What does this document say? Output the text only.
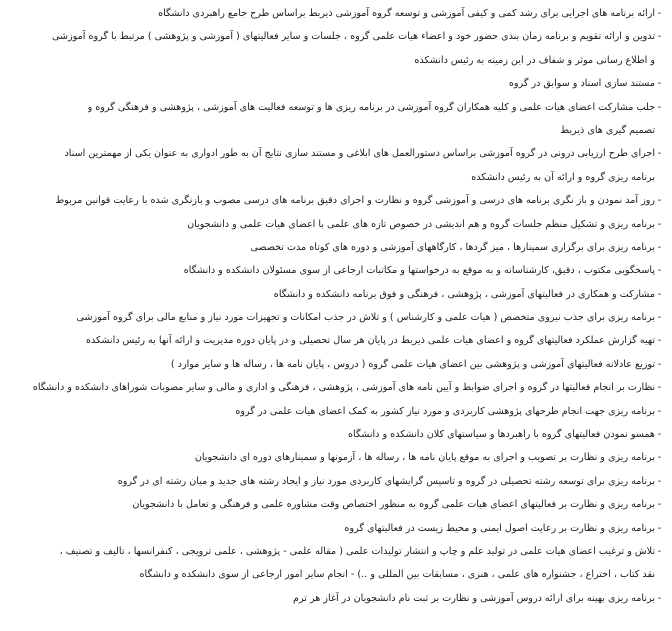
-
ارائه برنامه های اجرایی برای رشد کمی و کیفی آموزشی و توسعه گروه آموزشی ذیربط براساس طرح جامع راهبردی دانشگاه
-
تدوین و ارائه تقویم و برنامه زمان بندی حضور خود و اعضاء هیات علمی گروه ، جلسات و سایر فعالیتهای ( آموزشی و پژوهشی ) مرتبط با گروه آموزشی
و اطلاع رسانی موثر و شفاف در این زمینه به رئیس دانشکده
-
مستند سازی اسناد و سوابق در گروه
-
جلب مشارکت اعضای هیات علمی و کلیه همکاران گروه آموزشی در برنامه ریزی ها و توسعه فعالیت های آموزشی ، پژوهشی و فرهنگی گروه و
تصمیم گیری های ذیربط
-
اجرای طرح ارزیابی درونی در گروه آموزشی براساس دستورالعمل های ابلاغی و مستند سازی نتایج آن به طور ادواری به عنوان یکی از مهمترین اسناد
برنامه ریزی گروه و ارائه آن به رئیس دانشکده
-
روز آمد نمودن و باز نگری برنامه های درسی و آموزشی گروه و نظارت و اجرای دقیق برنامه های درسی مصوب و بازنگری شده با رعایت قوانین مربوط
-
برنامه ریزی و تشکیل منظم جلسات گروه و هم اندیشی در خصوص تازه های علمی با اعضای هیات علمی و دانشجویان
-
برنامه ریزی برای برگزاری سمینارها ، میز گردها ، کارگاههای آموزشی و دوره های کوتاه مدت تخصصی
-
پاسخگویی مکتوب ، دقیق، کارشناسانه و به موقع به درخواستها و مکاتبات ارجاعی از سوی مسئولان دانشکده و دانشگاه
-
مشارکت و همکاری در فعالیتهای آموزشی ، پژوهشی ، فرهنگی و فوق برنامه دانشکده و دانشگاه
-
برنامه ریزی برای جذب نیروی متخصص ( هیات علمی و کارشناس ) و تلاش در جذب امکانات و تجهیزات مورد نیاز و منابع مالی برای گروه آموزشی
-
تهیه گزارش عملکرد فعالیتهای گروه و اعضای هیات علمی ذیربط در پایان هر سال تحصیلی و در پایان دوره مدیریت و ارائه آنها به رئیس دانشکده
-
توزیع عادلانه فعالیتهای آموزشی و پژوهشی بین اعضای هیات علمی گروه ( دروس ، پایان نامه ها ، رساله ها و سایر موارد )
-
نظارت بر انجام فعالیتها در گروه و اجرای ضوابط و آیین نامه های آموزشی ، پژوهشی ، فرهنگی و اداری و مالی و سایر مصوبات شوراهای دانشکده و دانشگاه
-
برنامه ریزی جهت انجام طرحهای پژوهشی کاربردی و مورد نیاز کشور به کمک اعضای هیات علمی در گروه
-
همسو نمودن فعالیتهای گروه با راهبردها و سیاستهای کلان دانشکده و دانشگاه
-
برنامه ریزی و نظارت بر تصویب و اجرای به موقع پایان نامه ها ، رساله ها ، آزمونها و سمینارهای دوره ای دانشجویان
-
برنامه ریزی برای توسعه رشته تحصیلی در گروه و تاسیس گرایشهای کاربردی مورد نیاز و ایجاد رشته های جدید و میان رشته ای در گروه
-
برنامه ریزی و نظارت بر فعالیتهای اعضای هیات علمی گروه به منظور اختصاص وقت مشاوره علمی و فرهنگی و تعامل با دانشجویان
-
برنامه ریزی و نظارت بر رعایت اصول ایمنی و محیط زیست در فعالیتهای گروه
-
تلاش و ترغیب اعضای هیات علمی در تولید علم و چاپ و انتشار تولیدات علمی ( مقاله علمی - پژوهشی ، علمی ترویجی ، کنفرانسها ، تالیف و تصنیف ،
نقد کتاب ، اختراع ، جشنواره های علمی ، هنری ، مسابقات بین المللی و ..) - انجام سایر امور ارجاعی از سوی دانشکده و دانشگاه
-
برنامه ریزی بهینه برای ارائه دروس آموزشی و نظارت بر ثبت نام دانشجویان در آغاز هر ترم
